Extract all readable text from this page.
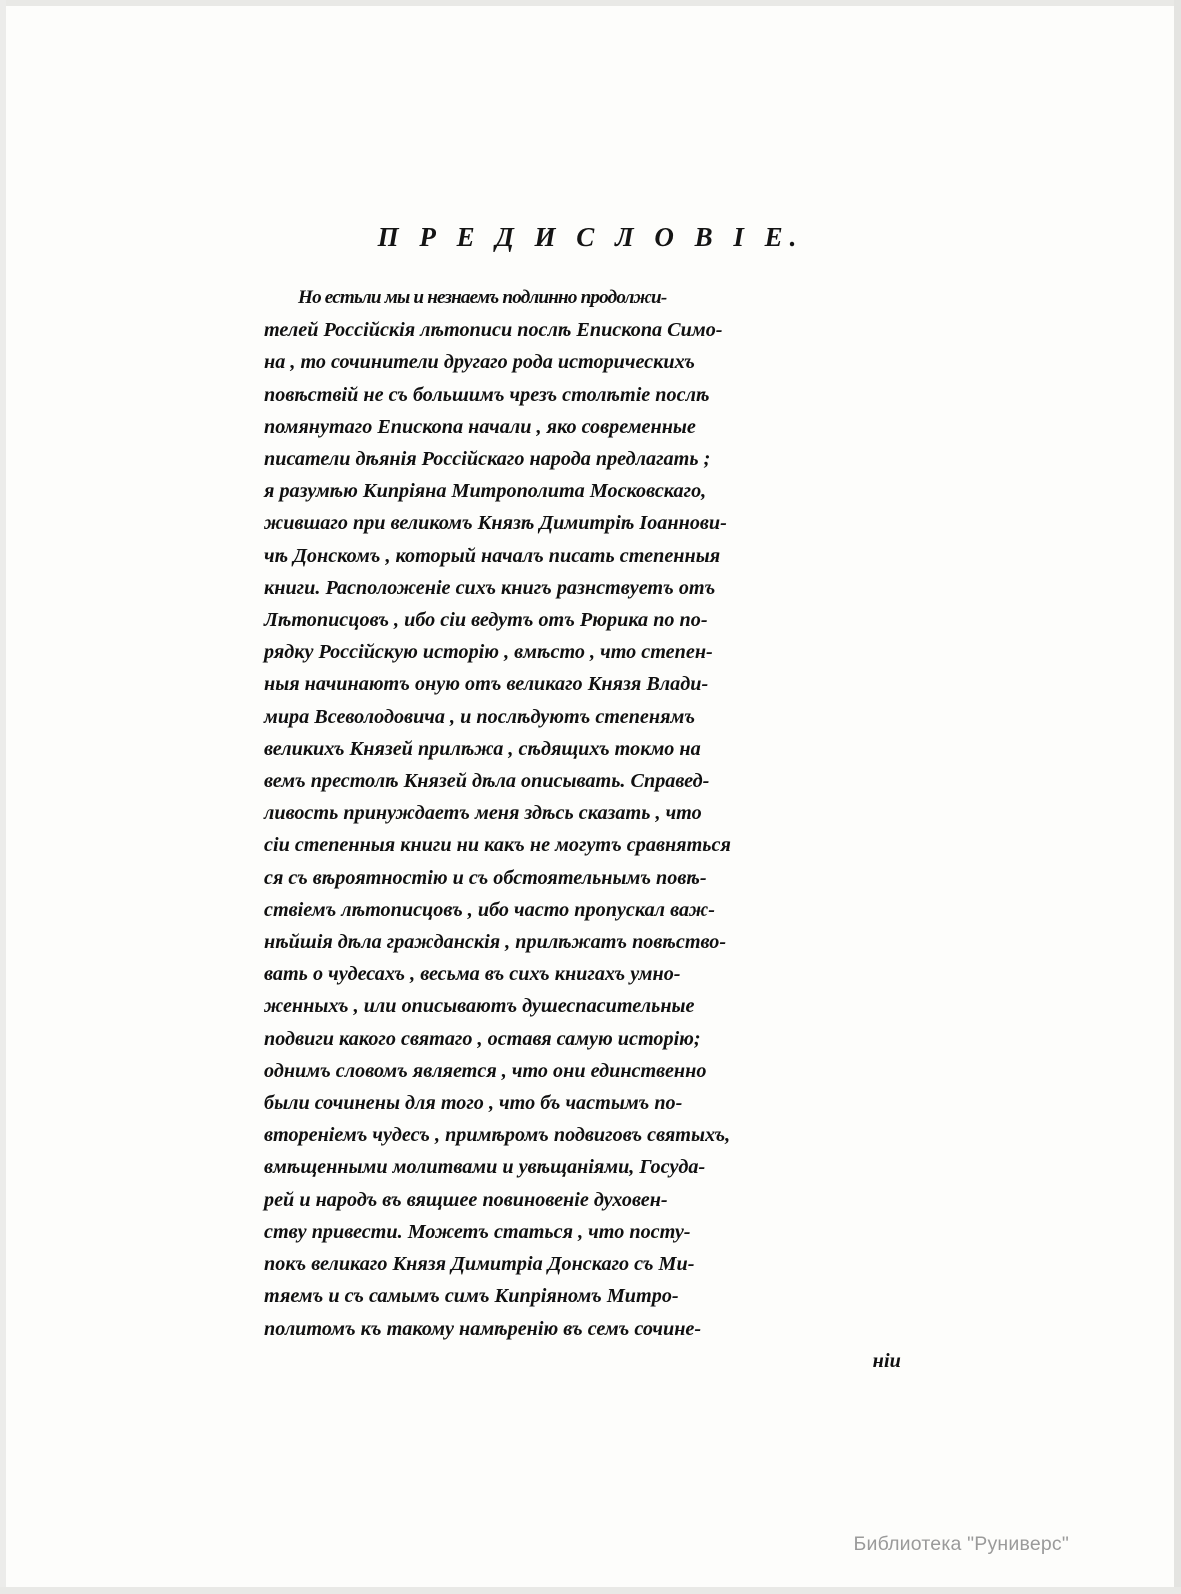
П Р Е Д И С Л О В І Е.
Но естьли мы и незнаемъ подлинно продолжи-
телей Россійскія лѣтописи послѣ Епископа Симо-
на , то сочинители другаго рода историческихъ
повѣствій не съ большимъ чрезъ столѣтіе послѣ
помянутаго Епископа начали , яко современные
писатели дѣянія Россійскаго народа предлагать ;
я разумѣю Кипріяна Митрополита Московскаго,
жившаго при великомъ Князѣ Димитріѣ Іоаннови-
чѣ Донскомъ , который началъ писать степенныя
книги. Расположеніе сихъ книгъ разнствуетъ отъ
Лѣтописцовъ , ибо сіи ведутъ отъ Рюрика по по-
рядку Россійскую исторію , вмѣсто , что степен-
ныя начинаютъ оную отъ великаго Князя Влади-
мира Всеволодовича , и послѣдуютъ степенямъ
великихъ Князей прилѣжа , сѣдящихъ токмо на
вемъ престолѣ Князей дѣла описывать. Справед-
ливость принуждаетъ меня здѣсь сказать , что
сіи степенныя книги ни какъ не могутъ сравняться
ся съ вѣроятностію и съ обстоятельнымъ повѣ-
ствіемъ лѣтописцовъ , ибо часто пропускал важ-
нѣйшія дѣла гражданскія , прилѣжатъ повѣство-
вать о чудесахъ , весьма въ сихъ книгахъ умно-
женныхъ , или описываютъ душеспасительные
подвиги какого святаго , оставя самую исторію;
однимъ словомъ является , что они единственно
были сочинены для того , что бъ частымъ по-
втореніемъ чудесъ , примѣромъ подвиговъ святыхъ,
вмѣщенными молитвами и увѣщаніями, Госуда-
рей и народъ въ вящшее повиновеніе духовен-
ству привести. Можетъ статься , что посту-
покъ великаго Князя Димитріа Донскаго съ Ми-
тяемъ и съ самымъ симъ Кипріяномъ Митро-
политомъ къ такому намѣренію въ семъ сочине-
ніи
Библиотека "Руниверс"
